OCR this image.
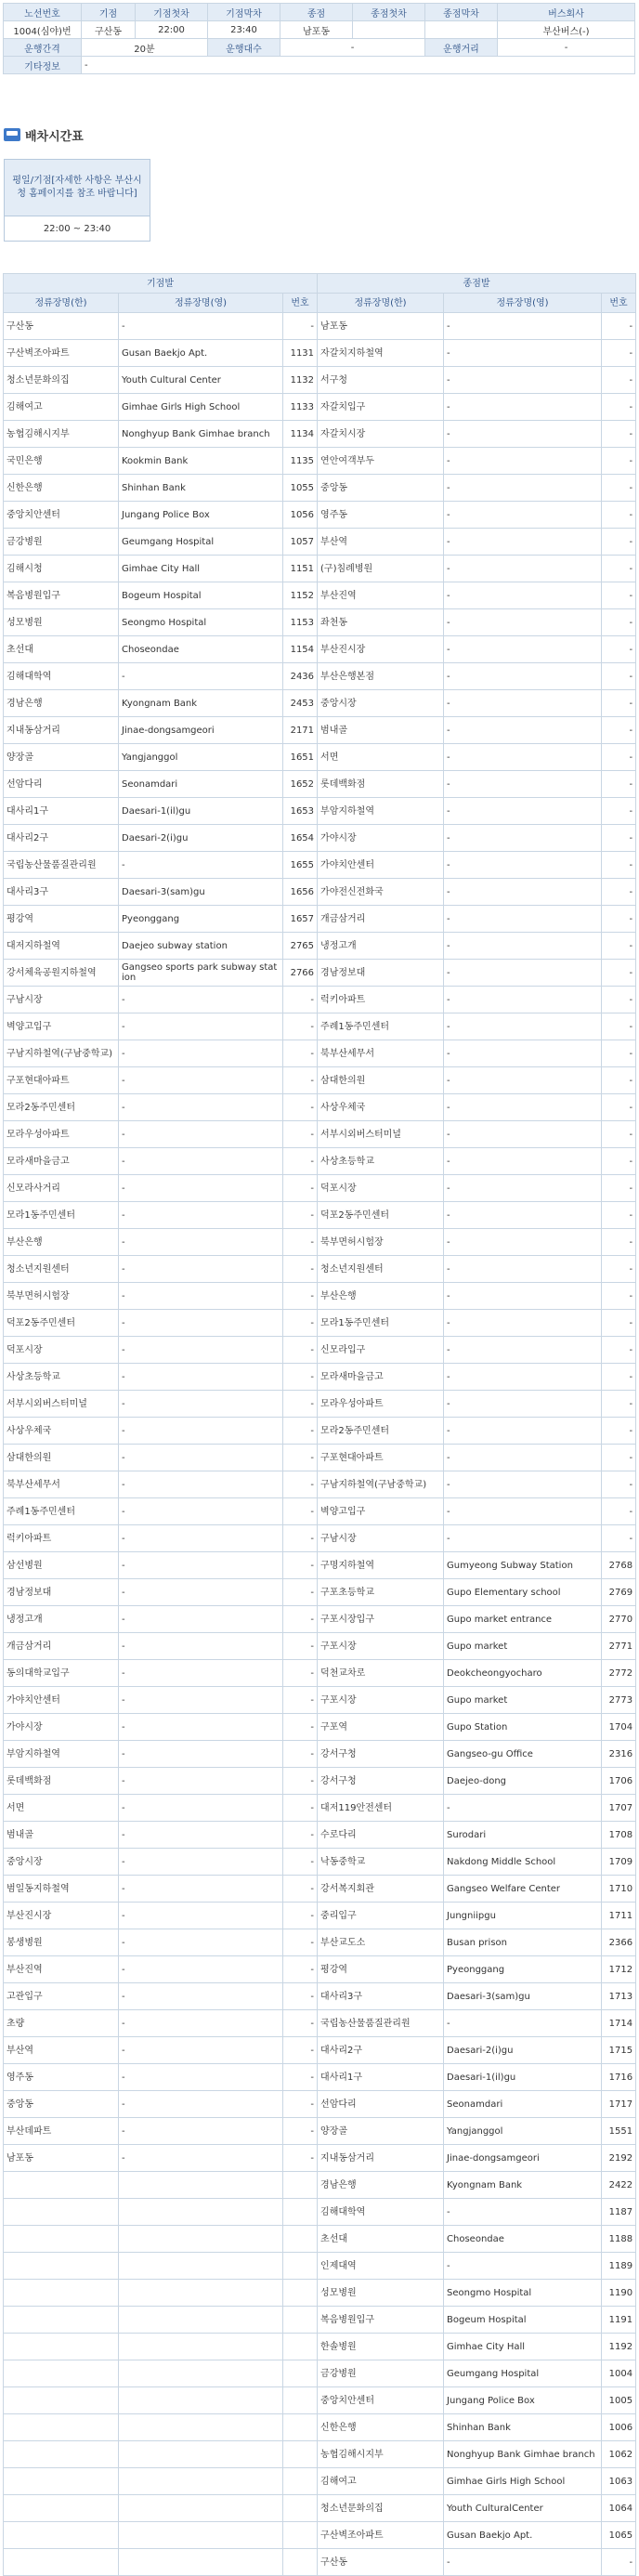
노선번호	기점	기점첫차	기점막차	종점	종점첫차	종점막차	버스회사
1004(심야)번	구산동	22:00	23:40	남포동			부산버스(-)
운행간격	20분		운행대수	-		운행거리	-
기타정보	-						
배차시간표
평일/기점[자세한 사항은 부산시청 홈페이지를 참조 바랍니다]
22:00 ~ 23:40
기점발			종점발		
정류장명(한)	정류장명(영)	번호	정류장명(한)	정류장명(영)	번호
구산동	-	-	남포동	-	-
구산벽조아파트	Gusan Baekjo Apt.	1131	자갈치지하철역	-	-
청소년문화의집	Youth Cultural Center	1132	서구청	-	-
김해여고	Gimhae Girls High School	1133	자갈치입구	-	-
농협김해시지부	Nonghyup Bank Gimhae branch	1134	자갈치시장	-	-
국민은행	Kookmin Bank	1135	연안여객부두	-	-
신한은행	Shinhan Bank	1055	중앙동	-	-
중앙치안센터	Jungang Police Box	1056	영주동	-	-
금강병원	Geumgang Hospital	1057	부산역	-	-
김해시청	Gimhae City Hall	1151	(구)침례병원	-	-
복음병원입구	Bogeum Hospital	1152	부산진역	-	-
성모병원	Seongmo Hospital	1153	좌천동	-	-
초선대	Choseondae	1154	부산진시장	-	-
김해대학역	-	2436	부산은행본점	-	-
경남은행	Kyongnam Bank	2453	중앙시장	-	-
지내동삼거리	Jinae-dongsamgeori	2171	범내골	-	-
양장골	Yangjanggol	1651	서면	-	-
선암다리	Seonamdari	1652	롯데백화점	-	-
대사리1구	Daesari-1(il)gu	1653	부암지하철역	-	-
대사리2구	Daesari-2(i)gu	1654	가야시장	-	-
국립농산물품질관리원	-	1655	가야치안센터	-	-
대사리3구	Daesari-3(sam)gu	1656	가야전신전화국	-	-
평강역	Pyeonggang	1657	개금삼거리	-	-
대저지하철역	Daejeo subway station	2765	냉정고개	-	-
강서체육공원지하철역	Gangseo sports park subway station	2766	경남정보대	-	-
구남시장	-	-	럭키아파트	-	-
벽양고입구	-	-	주례1동주민센터	-	-
구남지하철역(구남중학교)	-	-	북부산세무서	-	-
구포현대아파트	-	-	삼대한의원	-	-
모라2동주민센터	-	-	사상우체국	-	-
모라우성아파트	-	-	서부시외버스터미널	-	-
모라새마을금고	-	-	사상초등학교	-	-
신모라사거리	-	-	덕포시장	-	-
모라1동주민센터	-	-	덕포2동주민센터	-	-
부산은행	-	-	북부면허시험장	-	-
청소년지원센터	-	-	청소년지원센터	-	-
북부면허시험장	-	-	부산은행	-	-
덕포2동주민센터	-	-	모라1동주민센터	-	-
덕포시장	-	-	신모라입구	-	-
사상초등학교	-	-	모라새마을금고	-	-
서부시외버스터미널	-	-	모라우성아파트	-	-
사상우체국	-	-	모라2동주민센터	-	-
삼대한의원	-	-	구포현대아파트	-	-
북부산세무서	-	-	구남지하철역(구남중학교)	-	-
주례1동주민센터	-	-	벽양고입구	-	-
럭키아파트	-	-	구남시장	-	-
삼선병원	-	-	구명지하철역	Gumyeong Subway Station	2768
경남정보대	-	-	구포초등학교	Gupo Elementary school	2769
냉정고개	-	-	구포시장입구	Gupo market entrance	2770
개금삼거리	-	-	구포시장	Gupo market	2771
동의대학교입구	-	-	덕천교차로	Deokcheongyocharo	2772
가야치안센터	-	-	구포시장	Gupo market	2773
가야시장	-	-	구포역	Gupo Station	1704
부암지하철역	-	-	강서구청	Gangseo-gu Office	2316
롯데백화점	-	-	강서구청	Daejeo-dong	1706
서면	-	-	대저119안전센터	-	1707
범내골	-	-	수로다리	Surodari	1708
중앙시장	-	-	낙동중학교	Nakdong Middle School	1709
범일동지하철역	-	-	강서복지회관	Gangseo Welfare Center	1710
부산진시장	-	-	중리입구	Jungniipgu	1711
봉생병원	-	-	부산교도소	Busan prison	2366
부산진역	-	-	평강역	Pyeonggang	1712
고관입구	-	-	대사리3구	Daesari-3(sam)gu	1713
초량	-	-	국립농산물품질관리원	-	1714
부산역	-	-	대사리2구	Daesari-2(i)gu	1715
영주동	-	-	대사리1구	Daesari-1(il)gu	1716
중앙동	-	-	선암다리	Seonamdari	1717
부산데파트	-	-	양장골	Yangjanggol	1551
남포동	-	-	지내동삼거리	Jinae-dongsamgeori	2192
			경남은행	Kyongnam Bank	2422
			김해대학역	-	1187
			초선대	Choseondae	1188
			인제대역	-	1189
			성모병원	Seongmo Hospital	1190
			복음병원입구	Bogeum Hospital	1191
			한솔병원	Gimhae City Hall	1192
			금강병원	Geumgang Hospital	1004
			중앙치안센터	Jungang Police Box	1005
			신한은행	Shinhan Bank	1006
			농협김해시지부	Nonghyup Bank Gimhae branch	1062
			김해여고	Gimhae Girls High School	1063
			청소년문화의집	Youth CulturalCenter	1064
			구산벽조아파트	Gusan Baekjo Apt.	1065
			구산동	-	-
